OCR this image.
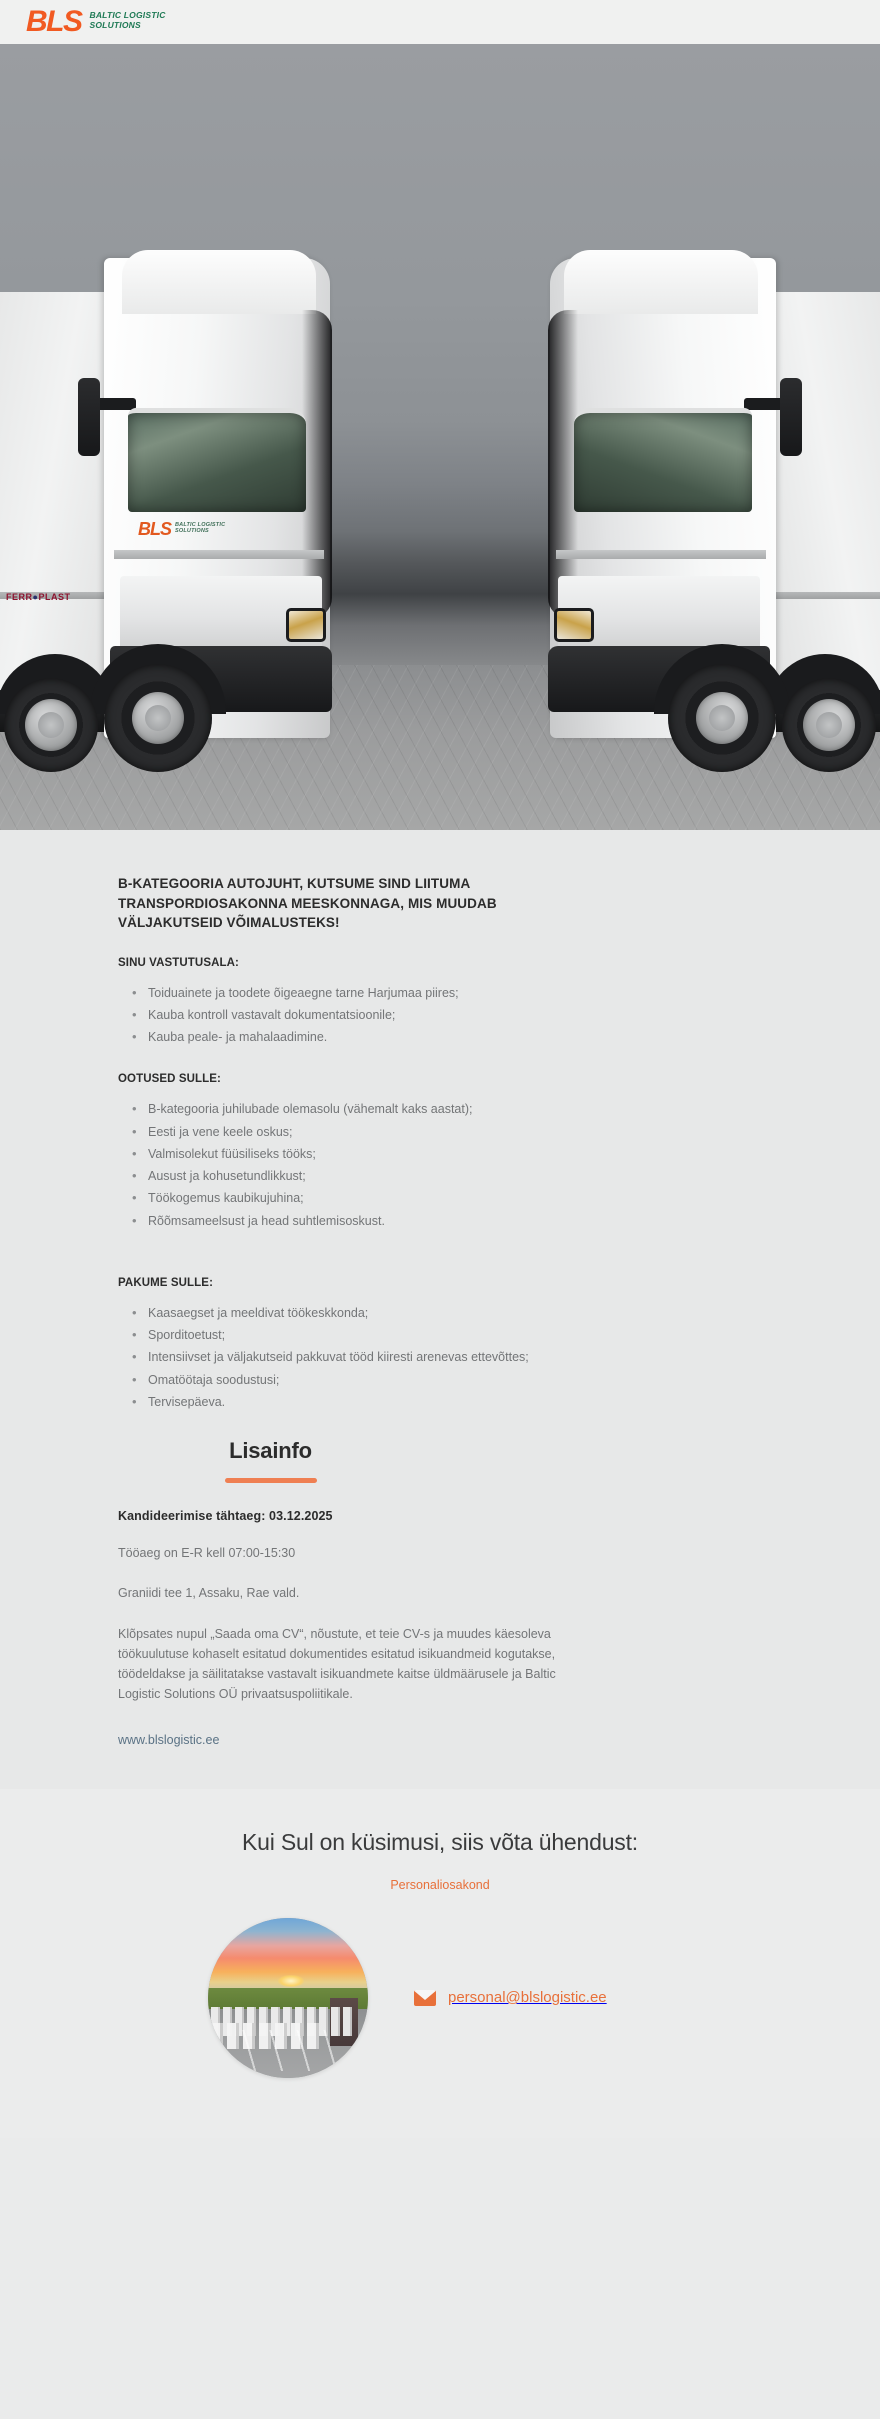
BLS BALTIC LOGISTIC
SOLUTIONS
FERR●PLAST
BLS BALTIC LOGISTIC
SOLUTIONS
B-KATEGOORIA AUTOJUHT, KUTSUME SIND LIITUMA TRANSPORDIOSAKONNA MEESKONNAGA, MIS MUUDAB VÄLJAKUTSEID VÕIMALUSTEKS!
SINU VASTUTUSALA:
• Toiduainete ja toodete õigeaegne tarne Harjumaa piires;
• Kauba kontroll vastavalt dokumentatsioonile;
• Kauba peale- ja mahalaadimine.
OOTUSED SULLE:
• B-kategooria juhilubade olemasolu (vähemalt kaks aastat);
• Eesti ja vene keele oskus;
• Valmisolekut füüsiliseks tööks;
• Ausust ja kohusetundlikkust;
• Töökogemus kaubikujuhina;
• Rõõmsameelsust ja head suhtlemisoskust.
PAKUME SULLE:
• Kaasaegset ja meeldivat töökeskkonda;
• Sporditoetust;
• Intensiivset ja väljakutseid pakkuvat tööd kiiresti arenevas ettevõttes;
• Omatöötaja soodustusi;
• Tervisepäeva.
Lisainfo

Kandideerimise tähtaeg: 03.12.2025

Tööaeg on E-R kell 07:00-15:30

Graniidi tee 1, Assaku, Rae vald.

Klõpsates nupul „Saada oma CV“, nõustute, et teie CV-s ja muudes käesoleva töökuulutuse kohaselt esitatud dokumentides esitatud isikuandmeid kogutakse, töödeldakse ja säilitatakse vastavalt isikuandmete kaitse üldmäärusele ja Baltic Logistic Solutions OÜ privaatsuspoliitikale.

www.blslogistic.ee
Kui Sul on küsimusi, siis võta ühendust:
Personaliosakond
personal@blslogistic.ee
